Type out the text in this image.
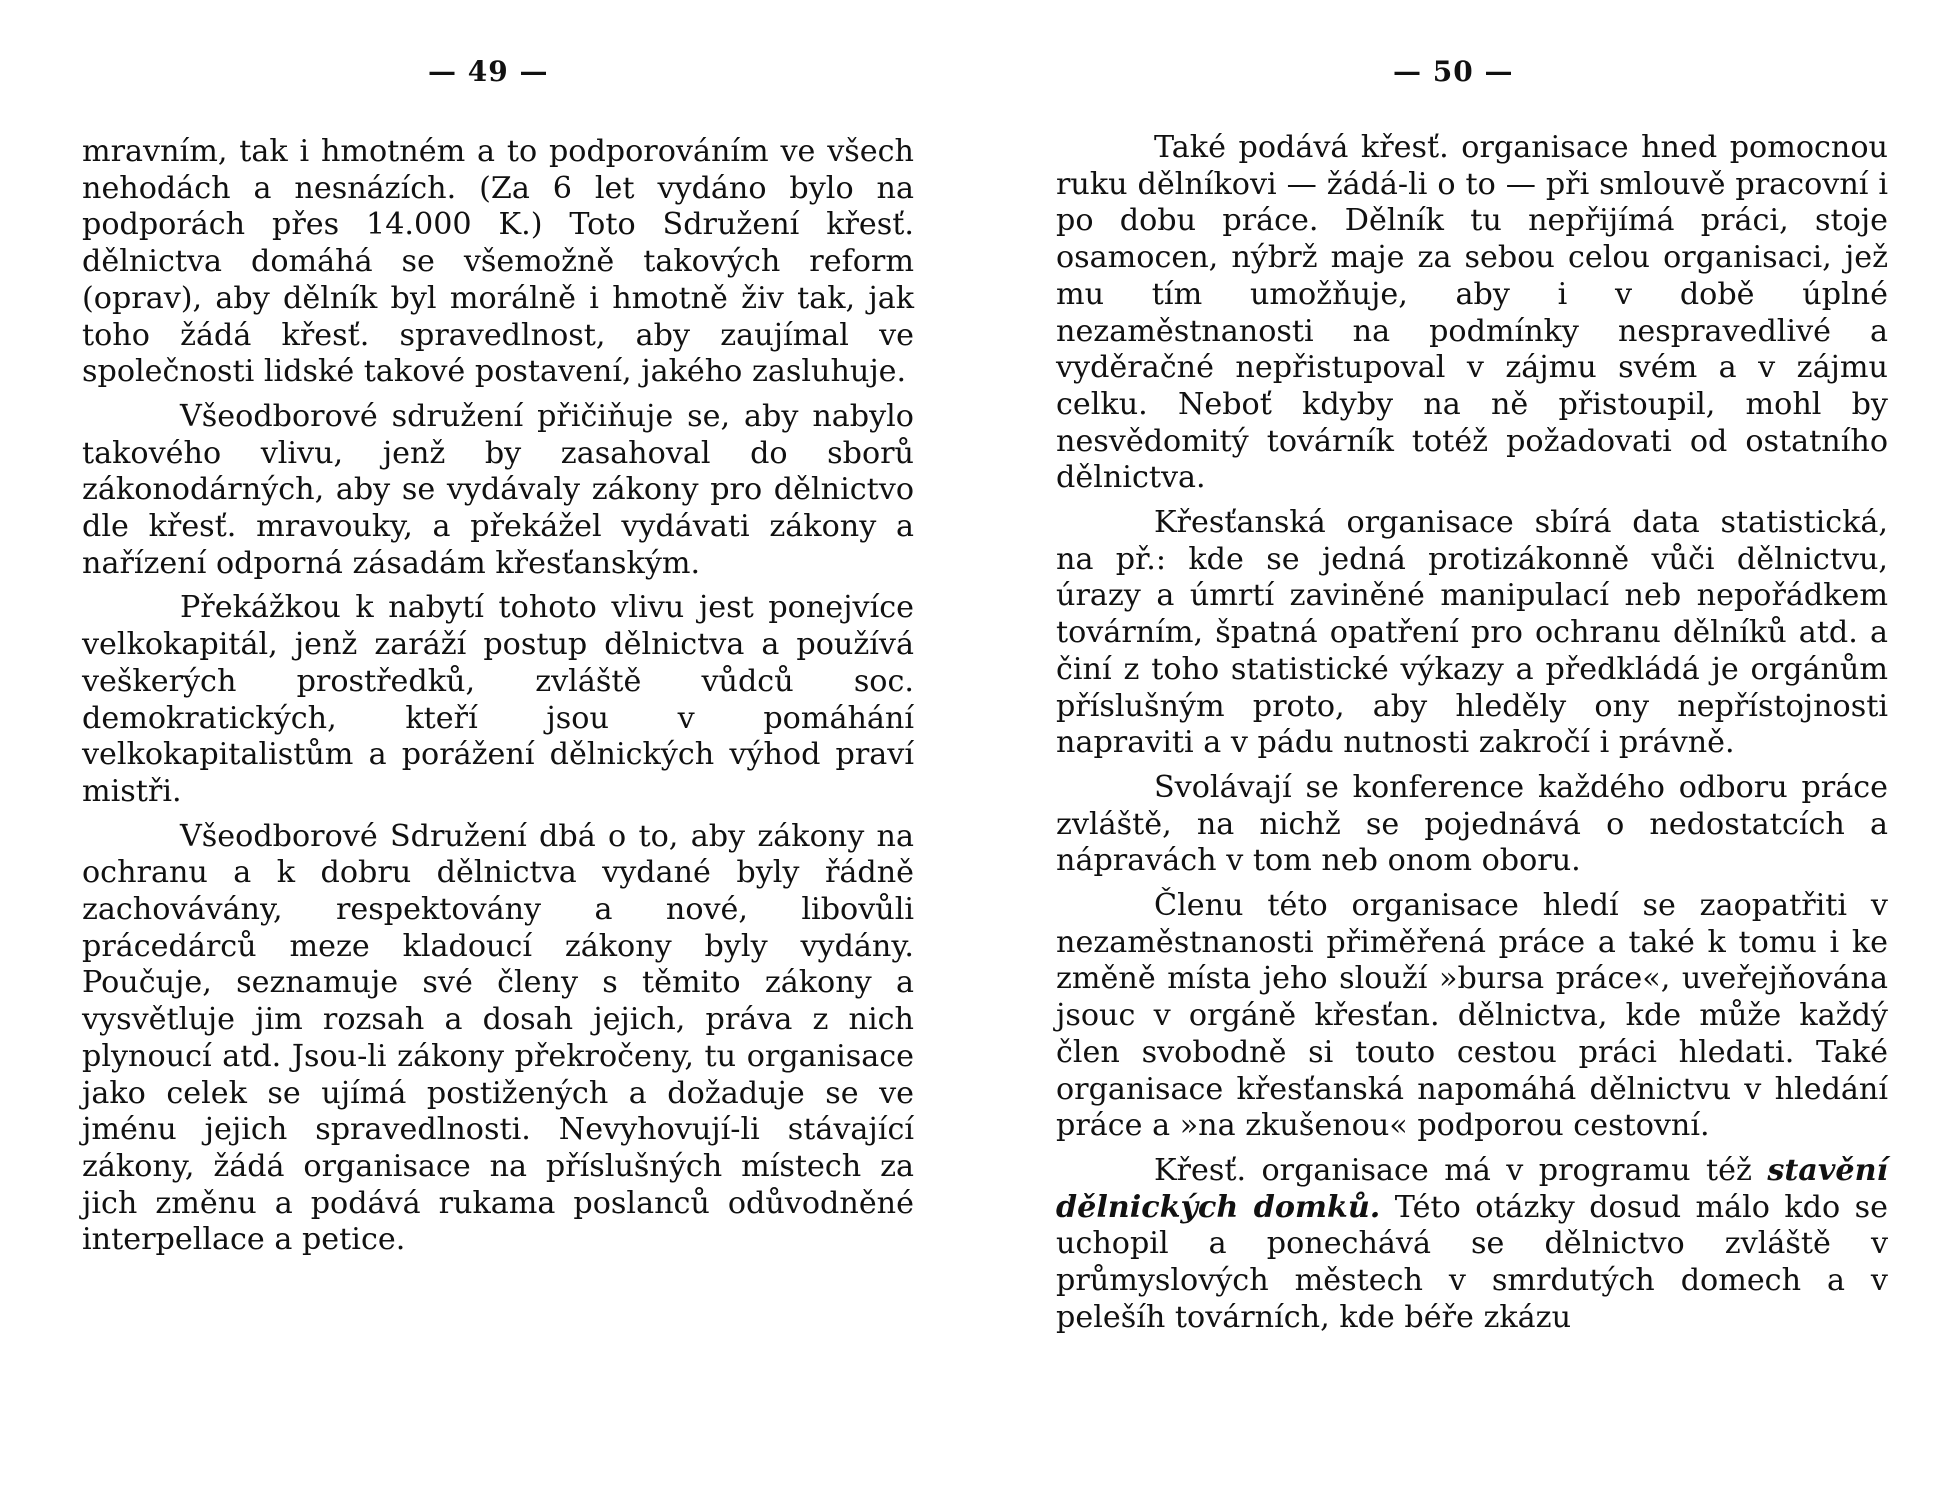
— 49 —

mravním, tak i hmotném a to podporováním ve všech nehodách a nesnázích. (Za 6 let vydáno bylo na podporách přes 14.000 K.) Toto Sdružení křesť. dělnictva domáhá se všemožně takových reform (oprav), aby dělník byl morálně i hmotně živ tak, jak toho žádá křesť. spravedlnost, aby zaujímal ve společnosti lidské takové postavení, jakého zasluhuje.

Všeodborové sdružení přičiňuje se, aby nabylo takového vlivu, jenž by zasahoval do sborů zákonodárných, aby se vydávaly zákony pro dělnictvo dle křesť. mravouky, a překážel vydávati zákony a nařízení odporná zásadám křesťanským.

Překážkou k nabytí tohoto vlivu jest ponejvíce velkokapitál, jenž zaráží postup dělnictva a používá veškerých prostředků, zvláště vůdců soc. demokratických, kteří jsou v pomáhání velkokapitalistům a porážení dělnických výhod praví mistři.

Všeodborové Sdružení dbá o to, aby zákony na ochranu a k dobru dělnictva vydané byly řádně zachovávány, respektovány a nové, libovůli prácedárců meze kladoucí zákony byly vydány. Poučuje, seznamuje své členy s těmito zákony a vysvětluje jim rozsah a dosah jejich, práva z nich plynoucí atd. Jsou-li zákony překročeny, tu organisace jako celek se ujímá postižených a dožaduje se ve jménu jejich spravedlnosti. Nevyhovují-li stávající zákony, žádá organisace na příslušných místech za jich změnu a podává rukama poslanců odůvodněné interpellace a petice.

— 50 —

Také podává křesť. organisace hned pomocnou ruku dělníkovi — žádá-li o to — při smlouvě pracovní i po dobu práce. Dělník tu nepřijímá práci, stoje osamocen, nýbrž maje za sebou celou organisaci, jež mu tím umožňuje, aby i v době úplné nezaměstnanosti na podmínky nespravedlivé a vyděračné nepřistupoval v zájmu svém a v zájmu celku. Neboť kdyby na ně přistoupil, mohl by nesvědomitý továrník totéž požadovati od ostatního dělnictva.

Křesťanská organisace sbírá data statistická, na př.: kde se jedná protizákonně vůči dělnictvu, úrazy a úmrtí zaviněné manipulací neb nepořádkem továrním, špatná opatření pro ochranu dělníků atd. a činí z toho statistické výkazy a předkládá je orgánům příslušným proto, aby hleděly ony nepřístojnosti napraviti a v pádu nutnosti zakročí i právně.

Svolávají se konference každého odboru práce zvláště, na nichž se pojednává o nedostatcích a nápravách v tom neb onom oboru.

Členu této organisace hledí se zaopatřiti v nezaměstnanosti přiměřená práce a také k tomu i ke změně místa jeho slouží »bursa práce«, uveřejňována jsouc v orgáně křesťan. dělnictva, kde může každý člen svobodně si touto cestou práci hledati. Také organisace křesťanská napomáhá dělnictvu v hledání práce a »na zkušenou« podporou cestovní.

Křesť. organisace má v programu též stavění dělnických domků. Této otázky dosud málo kdo se uchopil a ponechává se dělnictvo zvláště v průmyslových městech v smrdutých domech a v pelešíh továrních, kde béře zkázu
